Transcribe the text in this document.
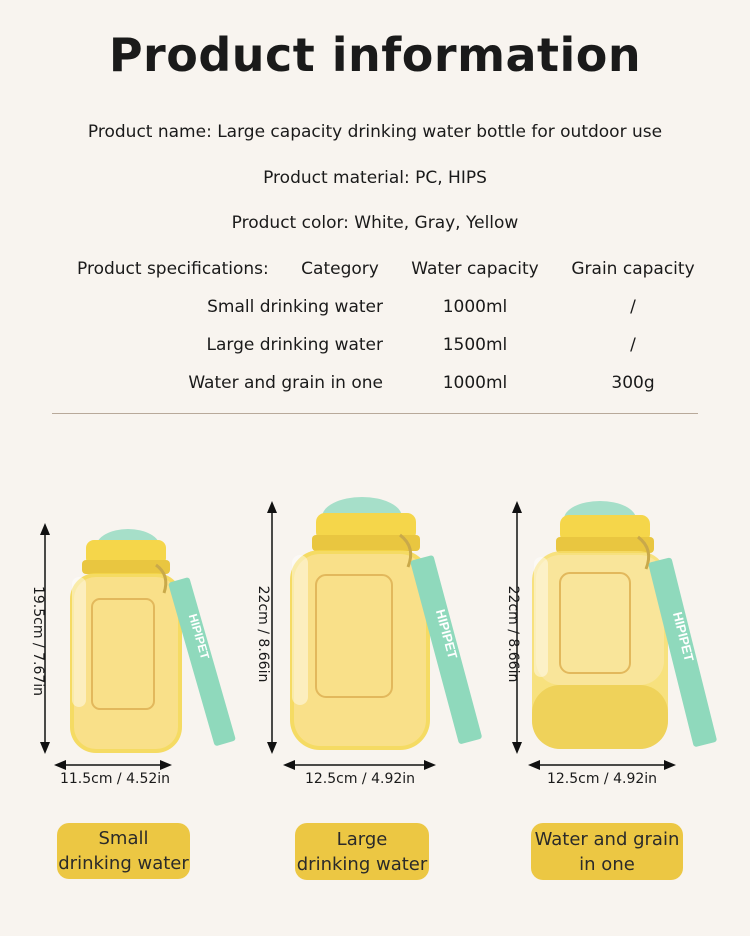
Product information
Product name: Large capacity drinking water bottle for outdoor use
Product material: PC, HIPS
Product color: White, Gray, Yellow
Product specifications:	Category	Water capacity	Grain capacity
Small drinking water	1000ml	/
Large drinking water	1500ml	/
Water and grain in one	1000ml	300g
HIPIPET
19.5cm / 7.67in
11.5cm / 4.52in
Small
drinking water
HIPIPET
22cm / 8.66in
12.5cm / 4.92in
Large
drinking water
HIPIPET
22cm / 8.66in
12.5cm / 4.92in
Water and grain
in one
